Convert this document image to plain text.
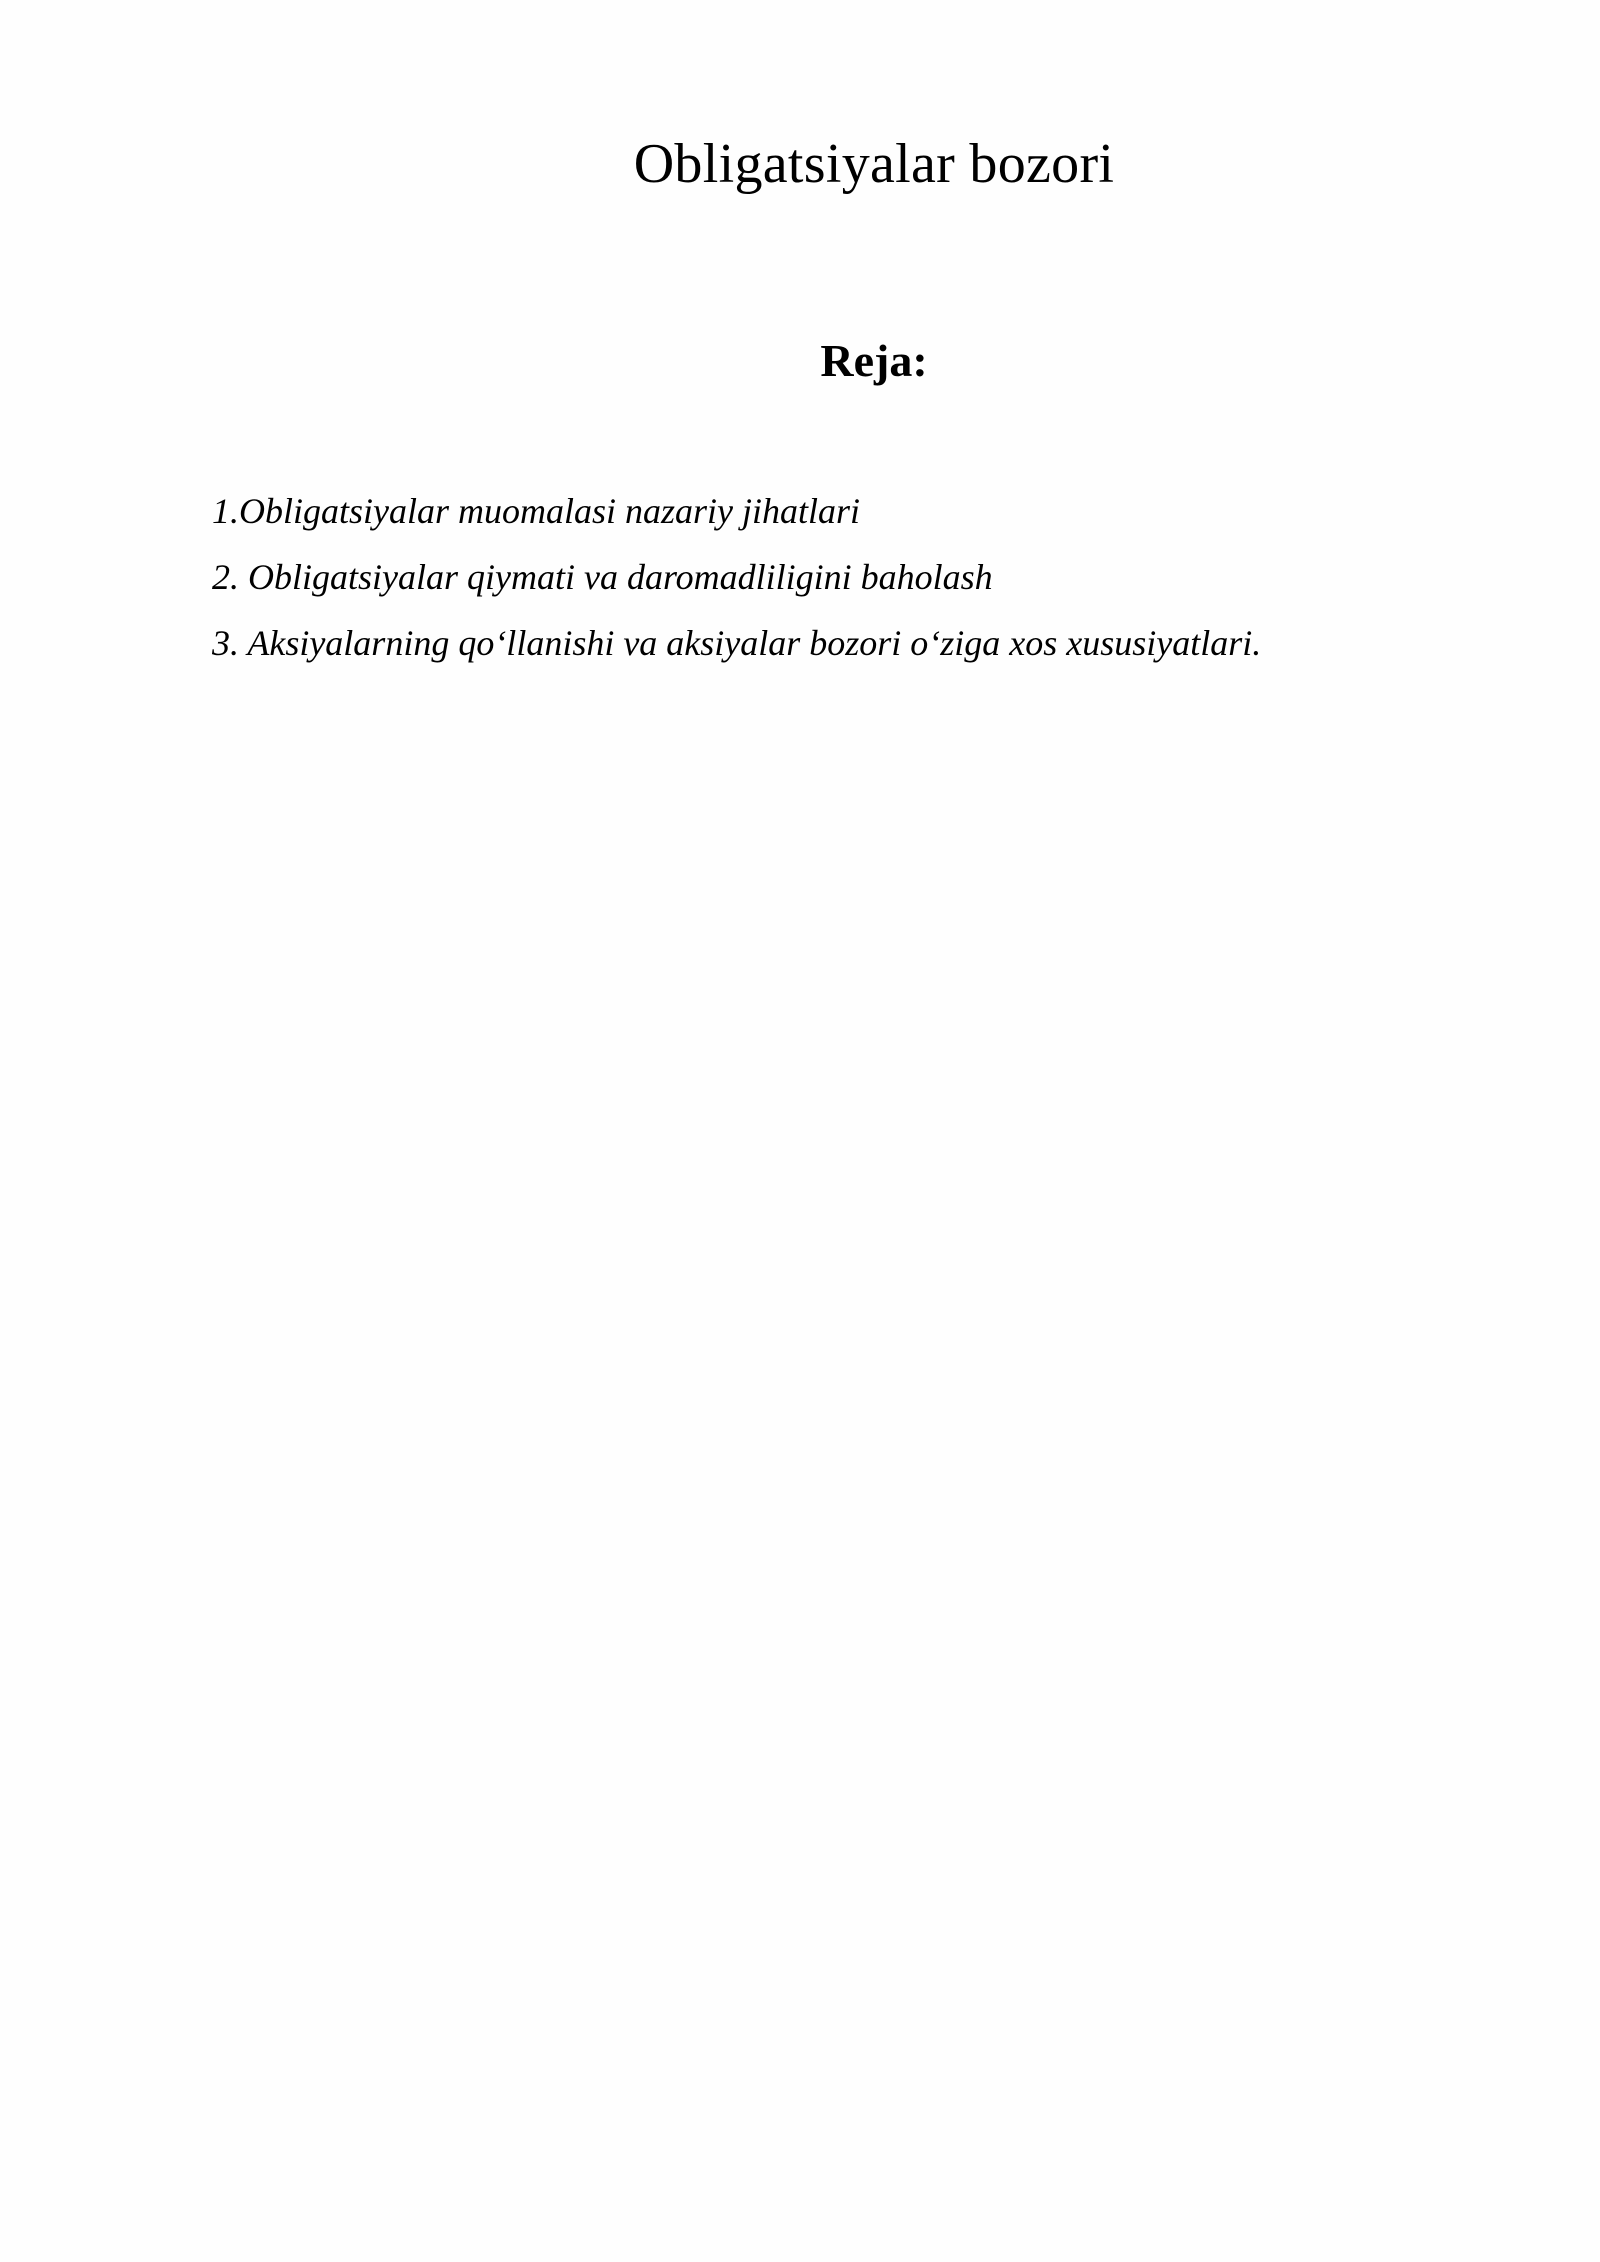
Obligatsiyalar bozori
Reja:
1.Obligatsiyalar muomalasi nazariy jihatlari
2. Obligatsiyalar qiymati va daromadliligini baholash
3. Aksiyalarning qo‘llanishi va aksiyalar bozori o‘ziga xos xususiyatlari.
